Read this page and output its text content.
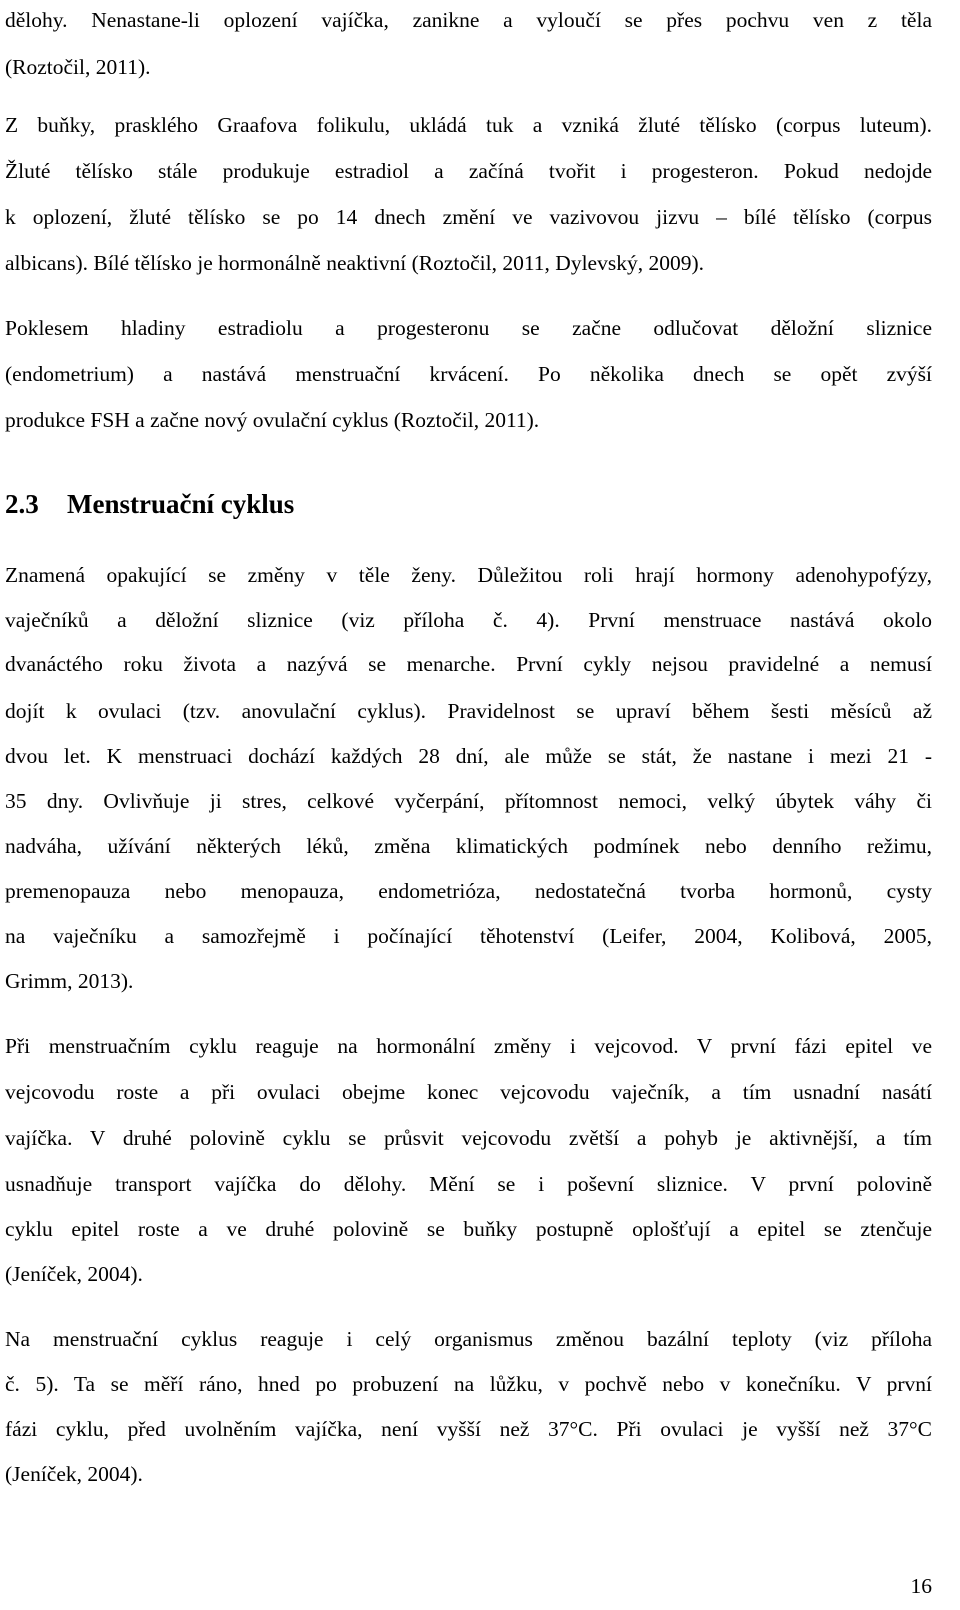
dělohy. Nenastane-li oplození vajíčka, zanikne a vyloučí se přes pochvu ven z těla
(Roztočil, 2011).
Z buňky, prasklého Graafova folikulu, ukládá tuk a vzniká žluté tělísko (corpus luteum).
Žluté tělísko stále produkuje estradiol a začíná tvořit i progesteron. Pokud nedojde
k oplození, žluté tělísko se po 14 dnech změní ve vazivovou jizvu – bílé tělísko (corpus
albicans). Bílé tělísko je hormonálně neaktivní (Roztočil, 2011, Dylevský, 2009).
Poklesem hladiny estradiolu a progesteronu se začne odlučovat děložní sliznice
(endometrium) a nastává menstruační krvácení. Po několika dnech se opět zvýší
produkce FSH a začne nový ovulační cyklus (Roztočil, 2011).
2.3 Menstruační cyklus
Znamená opakující se změny v těle ženy. Důležitou roli hrají hormony adenohypofýzy,
vaječníků a děložní sliznice (viz příloha č. 4). První menstruace nastává okolo
dvanáctého roku života a nazývá se menarche. První cykly nejsou pravidelné a nemusí
dojít k ovulaci (tzv. anovulační cyklus). Pravidelnost se upraví během šesti měsíců až
dvou let. K menstruaci dochází každých 28 dní, ale může se stát, že nastane i mezi 21 -
35 dny. Ovlivňuje ji stres, celkové vyčerpání, přítomnost nemoci, velký úbytek váhy či
nadváha, užívání některých léků, změna klimatických podmínek nebo denního režimu,
premenopauza nebo menopauza, endometrióza, nedostatečná tvorba hormonů, cysty
na vaječníku a samozřejmě i počínající těhotenství (Leifer, 2004, Kolibová, 2005,
Grimm, 2013).
Při menstruačním cyklu reaguje na hormonální změny i vejcovod. V první fázi epitel ve
vejcovodu roste a při ovulaci obejme konec vejcovodu vaječník, a tím usnadní nasátí
vajíčka. V druhé polovině cyklu se průsvit vejcovodu zvětší a pohyb je aktivnější, a tím
usnadňuje transport vajíčka do dělohy. Mění se i poševní sliznice. V první polovině
cyklu epitel roste a ve druhé polovině se buňky postupně oplošťují a epitel se ztenčuje
(Jeníček, 2004).
Na menstruační cyklus reaguje i celý organismus změnou bazální teploty (viz příloha
č. 5). Ta se měří ráno, hned po probuzení na lůžku, v pochvě nebo v konečníku. V první
fázi cyklu, před uvolněním vajíčka, není vyšší než 37°C. Při ovulaci je vyšší než 37°C
(Jeníček, 2004).
16
